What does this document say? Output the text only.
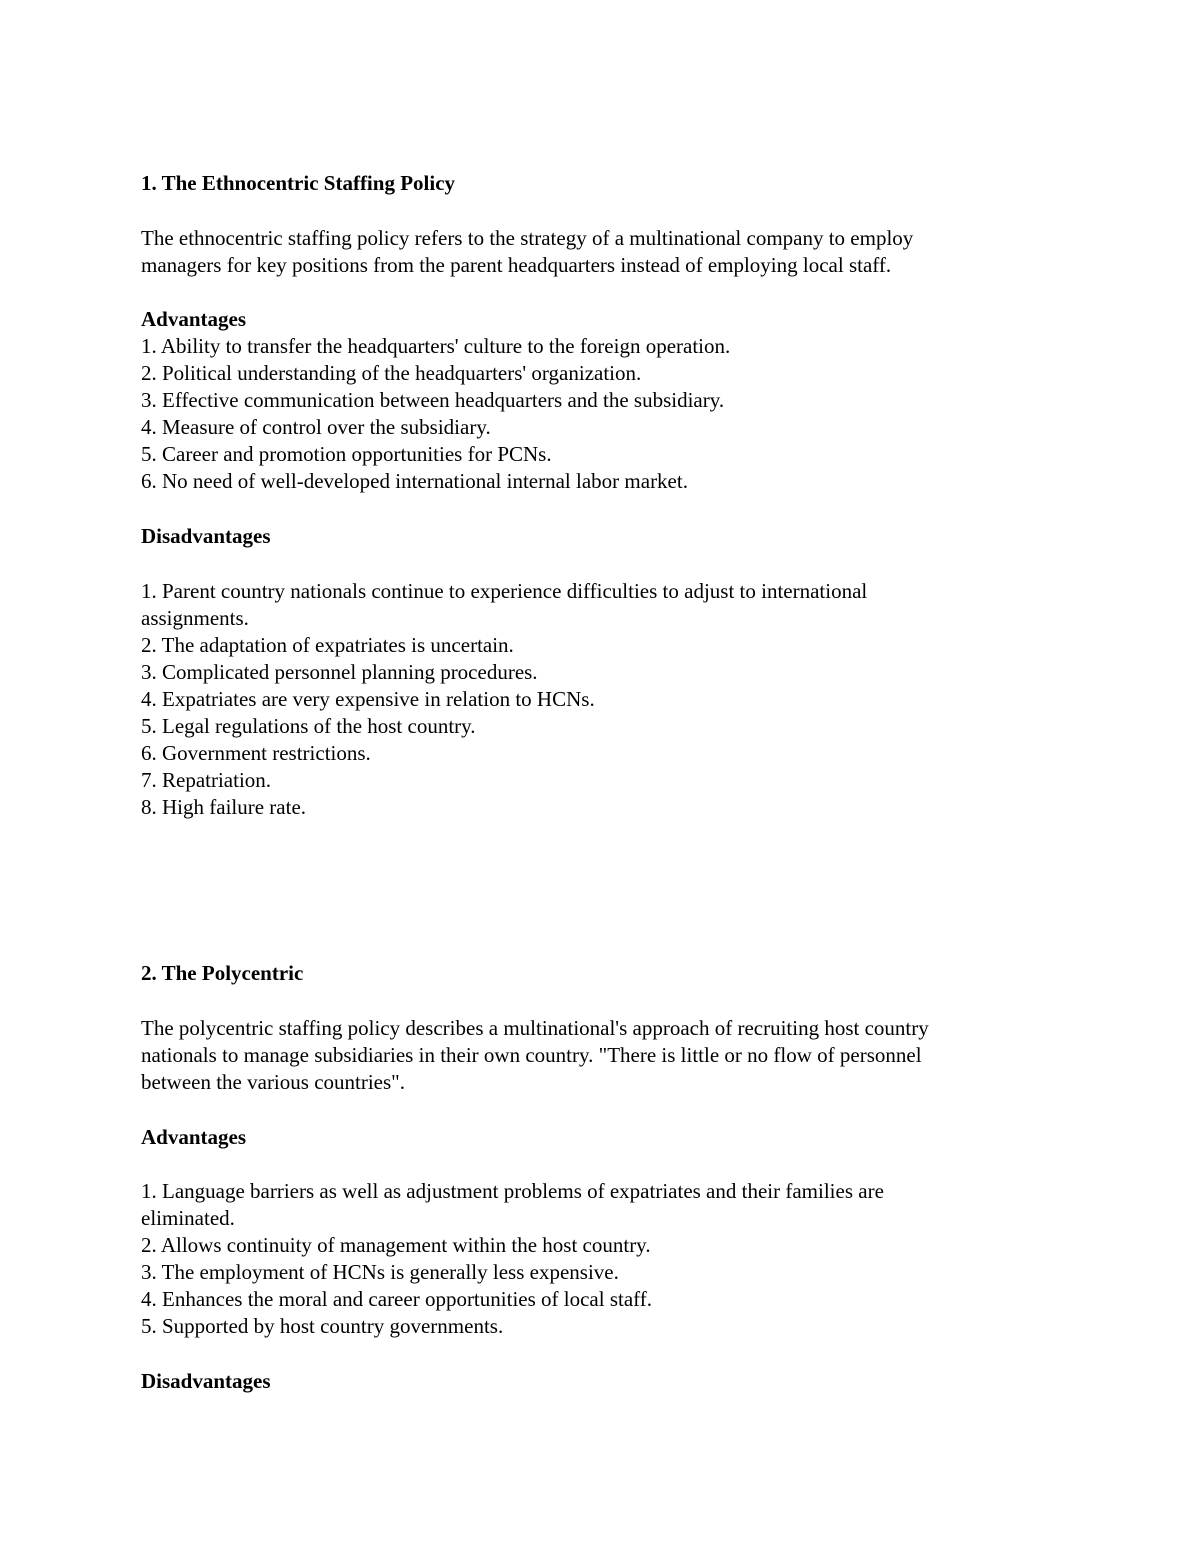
1. The Ethnocentric Staffing Policy

The ethnocentric staffing policy refers to the strategy of a multinational company to employ

managers for key positions from the parent headquarters instead of employing local staff.

Advantages

1. Ability to transfer the headquarters' culture to the foreign operation.

2. Political understanding of the headquarters' organization.

3. Effective communication between headquarters and the subsidiary.

4. Measure of control over the subsidiary.

5. Career and promotion opportunities for PCNs.

6. No need of well-developed international internal labor market.

Disadvantages

1. Parent country nationals continue to experience difficulties to adjust to international

assignments.

2. The adaptation of expatriates is uncertain.

3. Complicated personnel planning procedures.

4. Expatriates are very expensive in relation to HCNs.

5. Legal regulations of the host country.

6. Government restrictions.

7. Repatriation.

8. High failure rate.

2. The Polycentric

The polycentric staffing policy describes a multinational's approach of recruiting host country

nationals to manage subsidiaries in their own country. "There is little or no flow of personnel

between the various countries".

Advantages

1. Language barriers as well as adjustment problems of expatriates and their families are

eliminated.

2. Allows continuity of management within the host country.

3. The employment of HCNs is generally less expensive.

4. Enhances the moral and career opportunities of local staff.

5. Supported by host country governments.

Disadvantages
